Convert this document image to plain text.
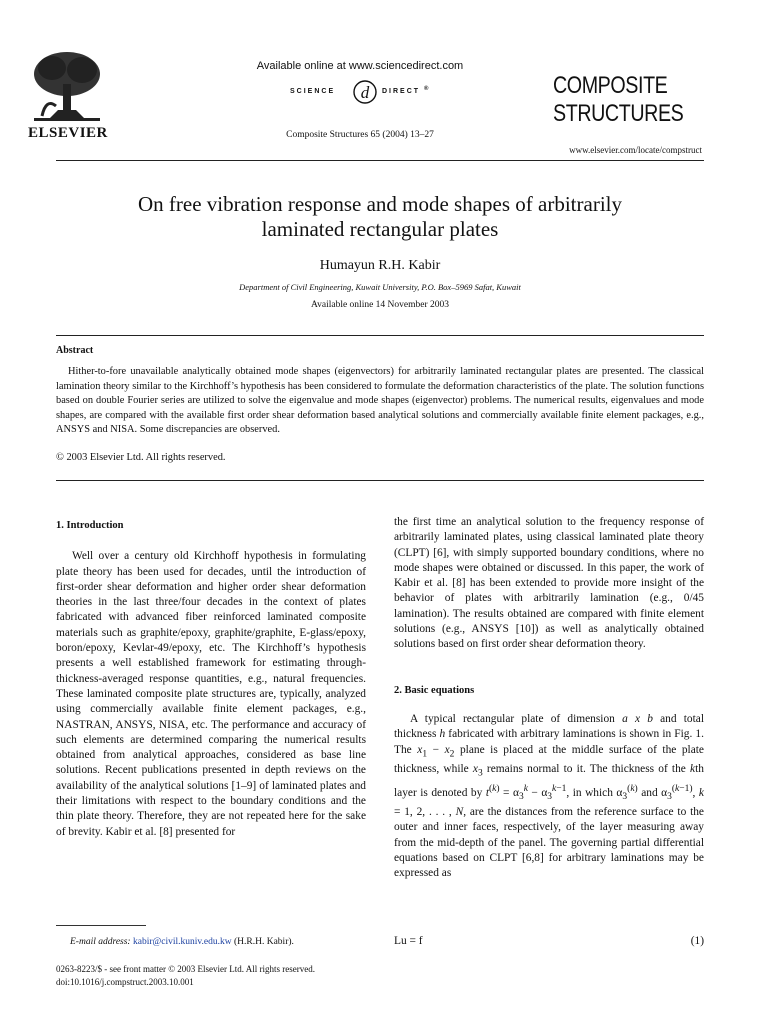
ELSEVIER
Available online at www.sciencedirect.com
SCIENCE d DIRECT ®
Composite Structures 65 (2004) 13–27
COMPOSITE
STRUCTURES
www.elsevier.com/locate/compstruct
On free vibration response and mode shapes of arbitrarily
laminated rectangular plates
Humayun R.H. Kabir
Department of Civil Engineering, Kuwait University, P.O. Box–5969 Safat, Kuwait
Available online 14 November 2003
Abstract
Hither-to-fore unavailable analytically obtained mode shapes (eigenvectors) for arbitrarily laminated rectangular plates are presented. The classical lamination theory similar to the Kirchhoff’s hypothesis has been considered to formulate the deformation characteristics of the plate. The solution functions based on double Fourier series are utilized to solve the eigenvalue and mode shapes (eigenvector) problems. The numerical results, eigenvalues and mode shapes, are compared with the available first order shear deformation based analytical solutions and commercially available finite element packages, e.g., ANSYS and NISA. Some discrepancies are observed.
© 2003 Elsevier Ltd. All rights reserved.

1. Introduction

Well over a century old Kirchhoff hypothesis in formulating plate theory has been used for decades, until the introduction of first-order shear deformation and higher order shear deformation theories in the last three/four decades in the context of plates fabricated with advanced fiber reinforced laminated composite materials such as graphite/epoxy, graphite/graphite, E-glass/epoxy, boron/epoxy, Kevlar-49/epoxy, etc. The Kirchhoff’s hypothesis presents a well established framework for estimating through-thickness-averaged response quantities, e.g., natural frequencies. These laminated composite plate structures are, typically, analyzed using commercially available finite element packages, e.g., NASTRAN, ANSYS, NISA, etc. The performance and accuracy of such elements are determined comparing the numerical results obtained from analytical approaches, considered as base line solutions. Recent publications presented in depth reviews on the availability of the analytical solutions [1–9] of laminated plates and their limitations with respect to the boundary conditions and the thin plate theory. Therefore, they are not repeated here for the sake of brevity. Kabir et al. [8] presented for

the first time an analytical solution to the frequency response of arbitrarily laminated plates, using classical laminated plate theory (CLPT) [6], with simply supported boundary conditions, where no mode shapes were obtained or discussed. In this paper, the work of Kabir et al. [8] has been extended to provide more insight of the behavior of plates with arbitrarily lamination (e.g., 0/45 lamination). The results obtained are compared with finite element solutions (e.g., ANSYS [10]) as well as analytically obtained solutions based on first order shear deformation theory.

2. Basic equations

A typical rectangular plate of dimension a x b and total thickness h fabricated with arbitrary laminations is shown in Fig. 1. The $x_1 - x_2$ plane is placed at the middle surface of the plate thickness, while $x_3$ remains normal to it. The thickness of the kth layer is denoted by $t^{(k)} = \alpha_3^k - \alpha_3^{k-1}$, in which $\alpha_3^{(k)}$ and $\alpha_3^{(k-1)}$, k = 1, 2, . . . , N, are the distances from the reference surface to the outer and inner faces, respectively, of the layer measuring away from the mid-depth of the panel. The governing partial differential equations based on CLPT [6,8] for arbitrary laminations may be expressed as

Lu = f	(1)
E-mail address: kabir@civil.kuniv.edu.kw (H.R.H. Kabir).
0263-8223/$ - see front matter © 2003 Elsevier Ltd. All rights reserved.
doi:10.1016/j.compstruct.2003.10.001
